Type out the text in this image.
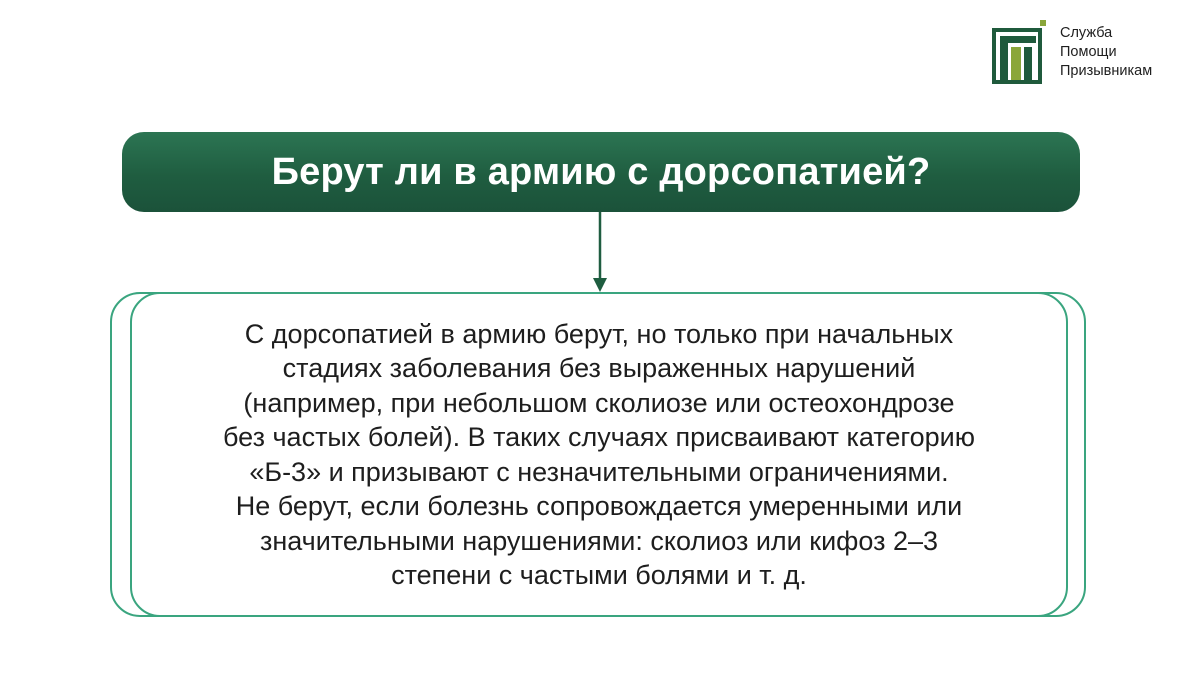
Служба
Помощи
Призывникам
Берут ли в армию с дорсопатией?
С дорсопатией в армию берут, но только при начальных
стадиях заболевания без выраженных нарушений
(например, при небольшом сколиозе или остеохондрозе
без частых болей). В таких случаях присваивают категорию
«Б-3» и призывают с незначительными ограничениями.
Не берут, если болезнь сопровождается умеренными или
значительными нарушениями: сколиоз или кифоз 2–3
степени с частыми болями и т. д.
